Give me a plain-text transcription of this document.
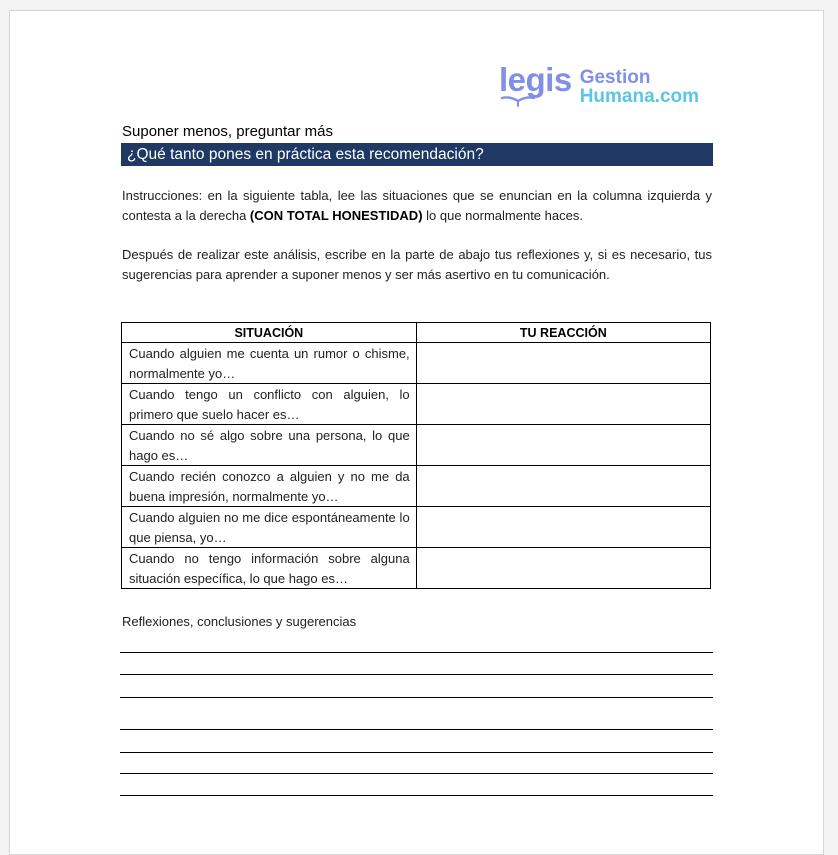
legis Gestion
Humana.com
Suponer menos, preguntar más
¿Qué tanto pones en práctica esta recomendación?
Instrucciones: en la siguiente tabla, lee las situaciones que se enuncian en la columna izquierda y contesta a la derecha (CON TOTAL HONESTIDAD) lo que normalmente haces.
Después de realizar este análisis, escribe en la parte de abajo tus reflexiones y, si es necesario, tus sugerencias para aprender a suponer menos y ser más asertivo en tu comunicación.
SITUACIÓN	TU REACCIÓN
Cuando alguien me cuenta un rumor o chisme, normalmente yo…	
Cuando tengo un conflicto con alguien, lo primero que suelo hacer es…	
Cuando no sé algo sobre una persona, lo que hago es…	
Cuando recién conozco a alguien y no me da buena impresión, normalmente yo…	
Cuando alguien no me dice espontáneamente lo que piensa, yo…	
Cuando no tengo información sobre alguna situación específica, lo que hago es…	
Reflexiones, conclusiones y sugerencias
